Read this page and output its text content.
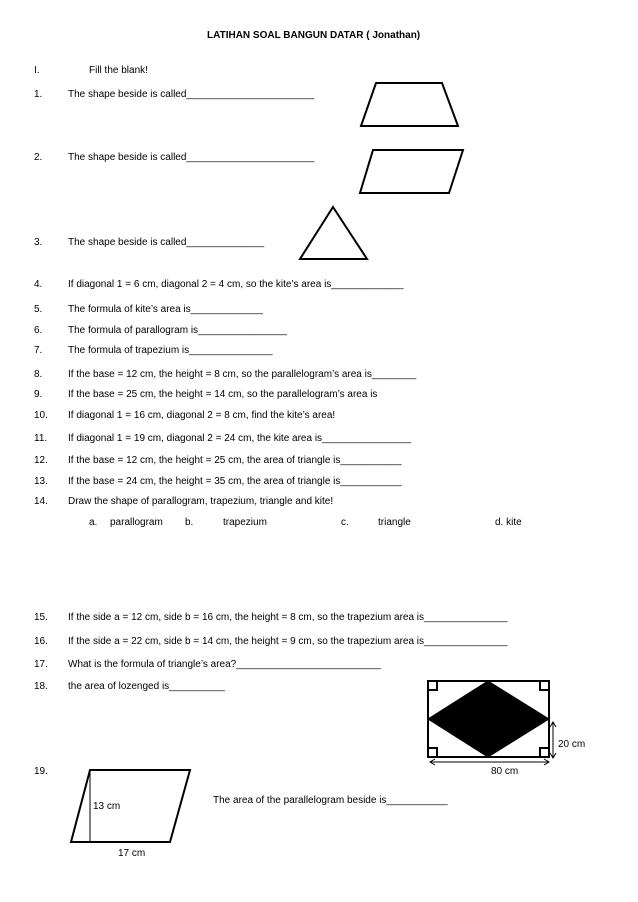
LATIHAN SOAL BANGUN DATAR ( Jonathan)
I.	Fill the blank!
1.	The shape beside is called_______________________
2.	The shape beside is called_______________________
3.	The shape beside is called______________
4.	If diagonal 1 = 6 cm, diagonal 2 = 4 cm, so the kite’s area is_____________
5.	The formula of kite’s area is_____________
6.	The formula of parallogram is________________
7.	The formula of trapezium is_______________
8.	If the base = 12 cm, the height = 8 cm, so the parallelogram’s area is________
9.	If the base = 25 cm, the height = 14 cm, so the parallelogram’s area is
10. If diagonal 1 = 16 cm, diagonal 2 = 8 cm, find the kite’s area!
11. If diagonal 1 = 19 cm, diagonal 2 = 24 cm, the kite area is________________
12. If the base = 12 cm, the height = 25 cm, the area of triangle is___________
13. If the base = 24 cm, the height = 35 cm, the area of triangle is___________
14. Draw the shape of parallogram, trapezium, triangle and kite!
a. parallogram b.	trapezium	c.	triangle	d. kite
15. If the side a = 12 cm, side b = 16 cm, the height = 8 cm, so the trapezium area is_______________
16. If the side a = 22 cm, side b = 14 cm, the height = 9 cm, so the trapezium area is_______________
17. What is the formula of triangle’s area?__________________________
18. the area of lozenged is__________
19.
20 cm
80 cm
13 cm
17 cm
The area of the parallelogram beside is___________
